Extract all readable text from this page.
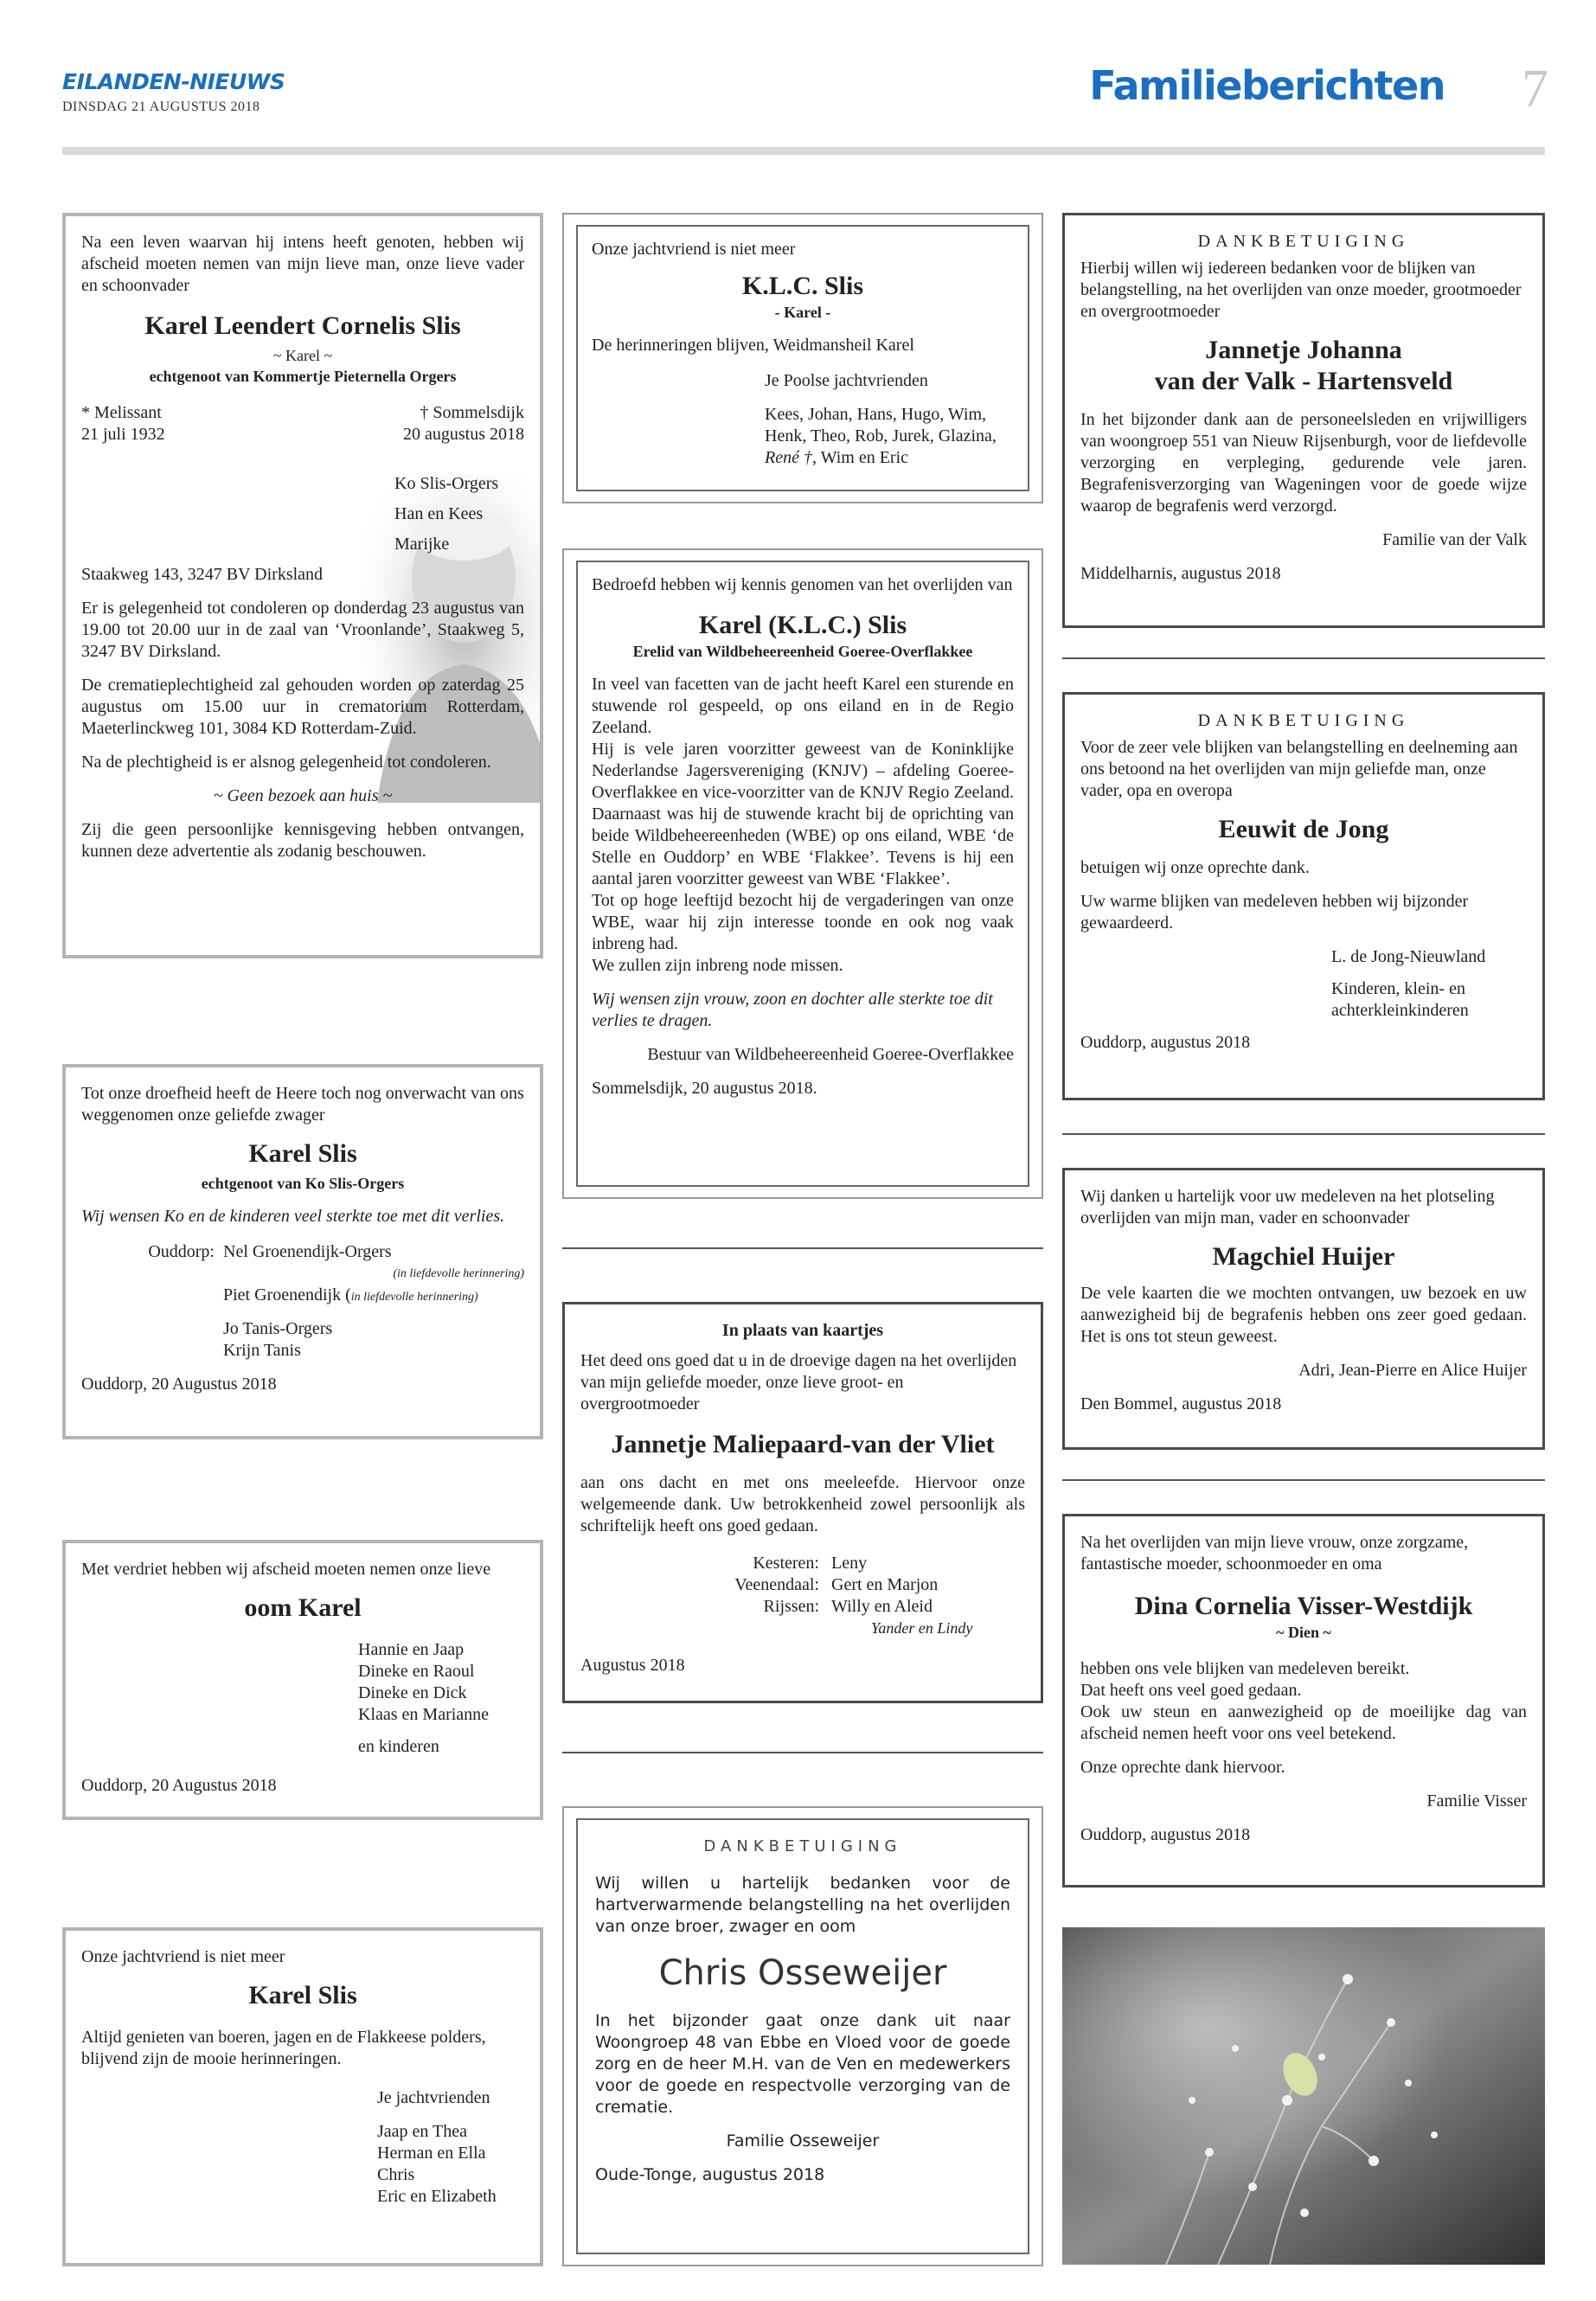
EILANDEN-NIEUWS
DINSDAG 21 AUGUSTUS 2018	Familieberichten	7

Na een leven waarvan hij intens heeft genoten, hebben wij afscheid moeten nemen van mijn lieve man, onze lieve vader en schoonvader

Karel Leendert Cornelis Slis
~ Karel ~
echtgenoot van Kommertje Pieternella Orgers
* Melissant
21 juli 1932
† Sommelsdijk
20 augustus 2018
Ko Slis-Orgers
Han en Kees
Marijke

Staakweg 143, 3247 BV Dirksland

Er is gelegenheid tot condoleren op donderdag 23 augustus van 19.00 tot 20.00 uur in de zaal van ‘Vroonlande’, Staakweg 5, 3247 BV Dirksland.

De crematieplechtigheid zal gehouden worden op zaterdag 25 augustus om 15.00 uur in crematorium Rotterdam, Maeterlinckweg 101, 3084 KD Rotterdam-Zuid.

Na de plechtigheid is er alsnog gelegenheid tot condoleren.

~ Geen bezoek aan huis ~

Zij die geen persoonlijke kennisgeving hebben ontvangen, kunnen deze advertentie als zodanig beschouwen.

Tot onze droefheid heeft de Heere toch nog onverwacht van ons weggenomen onze geliefde zwager

Karel Slis
echtgenoot van Ko Slis-Orgers

Wij wensen Ko en de kinderen veel sterkte toe met dit verlies.

Ouddorp: Nel Groenendijk-Orgers
(in liefdevolle herinnering)
Piet Groenendijk (in liefdevolle herinnering)
Jo Tanis-Orgers
Krijn Tanis

Ouddorp, 20 Augustus 2018

Met verdriet hebben wij afscheid moeten nemen onze lieve

oom Karel
Hannie en Jaap
Dineke en Raoul
Dineke en Dick
Klaas en Marianne
en kinderen

Ouddorp, 20 Augustus 2018

Onze jachtvriend is niet meer

Karel Slis

Altijd genieten van boeren, jagen en de Flakkeese polders, blijvend zijn de mooie herinneringen.

Je jachtvrienden
Jaap en Thea
Herman en Ella
Chris
Eric en Elizabeth

Onze jachtvriend is niet meer

K.L.C. Slis
- Karel -

De herinneringen blijven, Weidmansheil Karel

Je Poolse jachtvrienden
Kees, Johan, Hans, Hugo, Wim,
Henk, Theo, Rob, Jurek, Glazina,
René †, Wim en Eric

Bedroefd hebben wij kennis genomen van het overlijden van

Karel (K.L.C.) Slis
Erelid van Wildbeheereenheid Goeree-Overflakkee

In veel van facetten van de jacht heeft Karel een sturende en stuwende rol gespeeld, op ons eiland en in de Regio Zeeland.

Hij is vele jaren voorzitter geweest van de Koninklijke Nederlandse Jagersvereniging (KNJV) – afdeling Goeree-Overflakkee en vice-voorzitter van de KNJV Regio Zeeland. Daarnaast was hij de stuwende kracht bij de oprichting van beide Wildbeheereenheden (WBE) op ons eiland, WBE ‘de Stelle en Ouddorp’ en WBE ‘Flakkee’. Tevens is hij een aantal jaren voorzitter geweest van WBE ‘Flakkee’.

Tot op hoge leeftijd bezocht hij de vergaderingen van onze WBE, waar hij zijn interesse toonde en ook nog vaak inbreng had.

We zullen zijn inbreng node missen.

Wij wensen zijn vrouw, zoon en dochter alle sterkte toe dit verlies te dragen.

Bestuur van Wildbeheereenheid Goeree-Overflakkee

Sommelsdijk, 20 augustus 2018.

In plaats van kaartjes

Het deed ons goed dat u in de droevige dagen na het overlijden van mijn geliefde moeder, onze lieve groot- en overgrootmoeder

Jannetje Maliepaard-van der Vliet

aan ons dacht en met ons meeleefde. Hiervoor onze welgemeende dank. Uw betrokkenheid zowel persoonlijk als schriftelijk heeft ons goed gedaan.

Kesteren: Leny
Veenendaal: Gert en Marjon
Rijssen: Willy en Aleid
Yander en Lindy

Augustus 2018

DANKBETUIGING

Wij willen u hartelijk bedanken voor de hartverwarmende belangstelling na het overlijden van onze broer, zwager en oom

Chris Osseweijer

In het bijzonder gaat onze dank uit naar Woongroep 48 van Ebbe en Vloed voor de goede zorg en de heer M.H. van de Ven en medewerkers voor de goede en respectvolle verzorging van de crematie.

Familie Osseweijer

Oude-Tonge, augustus 2018

DANKBETUIGING

Hierbij willen wij iedereen bedanken voor de blijken van belangstelling, na het overlijden van onze moeder, grootmoeder en overgrootmoeder

Jannetje Johanna
van der Valk - Hartensveld

In het bijzonder dank aan de personeelsleden en vrijwilligers van woongroep 551 van Nieuw Rijsenburgh, voor de liefdevolle verzorging en verpleging, gedurende vele jaren. Begrafenisverzorging van Wageningen voor de goede wijze waarop de begrafenis werd verzorgd.

Familie van der Valk

Middelharnis, augustus 2018

DANKBETUIGING

Voor de zeer vele blijken van belangstelling en deelneming aan ons betoond na het overlijden van mijn geliefde man, onze vader, opa en overopa

Eeuwit de Jong

betuigen wij onze oprechte dank.

Uw warme blijken van medeleven hebben wij bijzonder gewaardeerd.

L. de Jong-Nieuwland
Kinderen, klein- en
achterkleinkinderen

Ouddorp, augustus 2018

Wij danken u hartelijk voor uw medeleven na het plotseling overlijden van mijn man, vader en schoonvader

Magchiel Huijer

De vele kaarten die we mochten ontvangen, uw bezoek en uw aanwezigheid bij de begrafenis hebben ons zeer goed gedaan. Het is ons tot steun geweest.

Adri, Jean-Pierre en Alice Huijer

Den Bommel, augustus 2018

Na het overlijden van mijn lieve vrouw, onze zorgzame, fantastische moeder, schoonmoeder en oma

Dina Cornelia Visser-Westdijk
~ Dien ~

hebben ons vele blijken van medeleven bereikt.

Dat heeft ons veel goed gedaan.

Ook uw steun en aanwezigheid op de moeilijke dag van afscheid nemen heeft voor ons veel betekend.

Onze oprechte dank hiervoor.

Familie Visser

Ouddorp, augustus 2018
